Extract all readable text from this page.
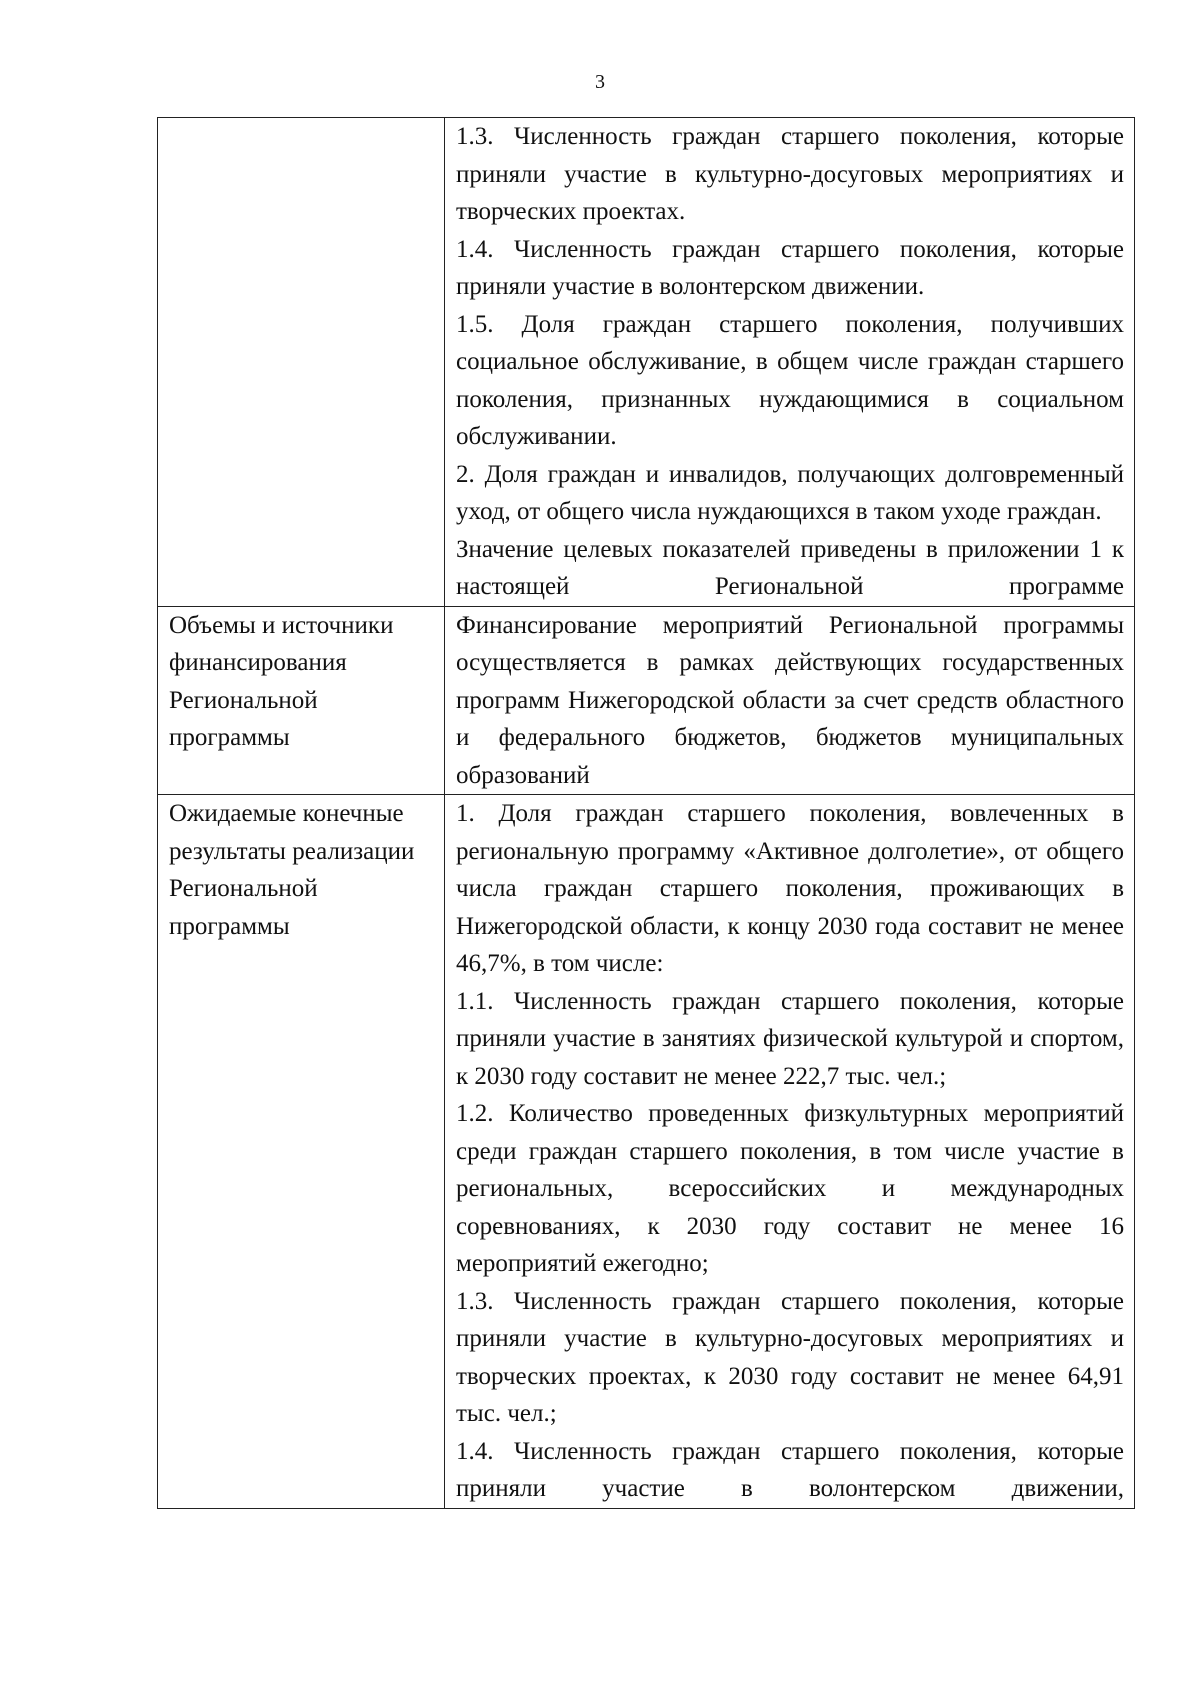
3

	1.3. Численность граждан старшего поколения, которые приняли участие в культурно-досуговых мероприятиях и творческих проектах.

1.4. Численность граждан старшего поколения, которые приняли участие в волонтерском движении.

1.5. Доля граждан старшего поколения, получивших социальное обслуживание, в общем числе граждан старшего поколения, признанных нуждающимися в социальном обслуживании.

2. Доля граждан и инвалидов, получающих долговременный уход, от общего числа нуждающихся в таком уходе граждан.

Значение целевых показателей приведены в приложении 1 к настоящей Региональной программе

Объемы и источники финансирования Региональной программы	Финансирование мероприятий Региональной программы осуществляется в рамках действующих государственных программ Нижегородской области за счет средств областного и федерального бюджетов, бюджетов муниципальных образований

Ожидаемые конечные результаты реализации Региональной программы	1. Доля граждан старшего поколения, вовлеченных в региональную программу «Активное долголетие», от общего числа граждан старшего поколения, проживающих в Нижегородской области, к концу 2030 года составит не менее 46,7%, в том числе:

1.1. Численность граждан старшего поколения, которые приняли участие в занятиях физической культурой и спортом, к 2030 году составит не менее 222,7 тыс. чел.;

1.2. Количество проведенных физкультурных мероприятий среди граждан старшего поколения, в том числе участие в региональных, всероссийских и международных соревнованиях, к 2030 году составит не менее 16 мероприятий ежегодно;

1.3. Численность граждан старшего поколения, которые приняли участие в культурно-досуговых мероприятиях и творческих проектах, к 2030 году составит не менее 64,91 тыс. чел.;

1.4. Численность граждан старшего поколения, которые приняли участие в волонтерском движении,
